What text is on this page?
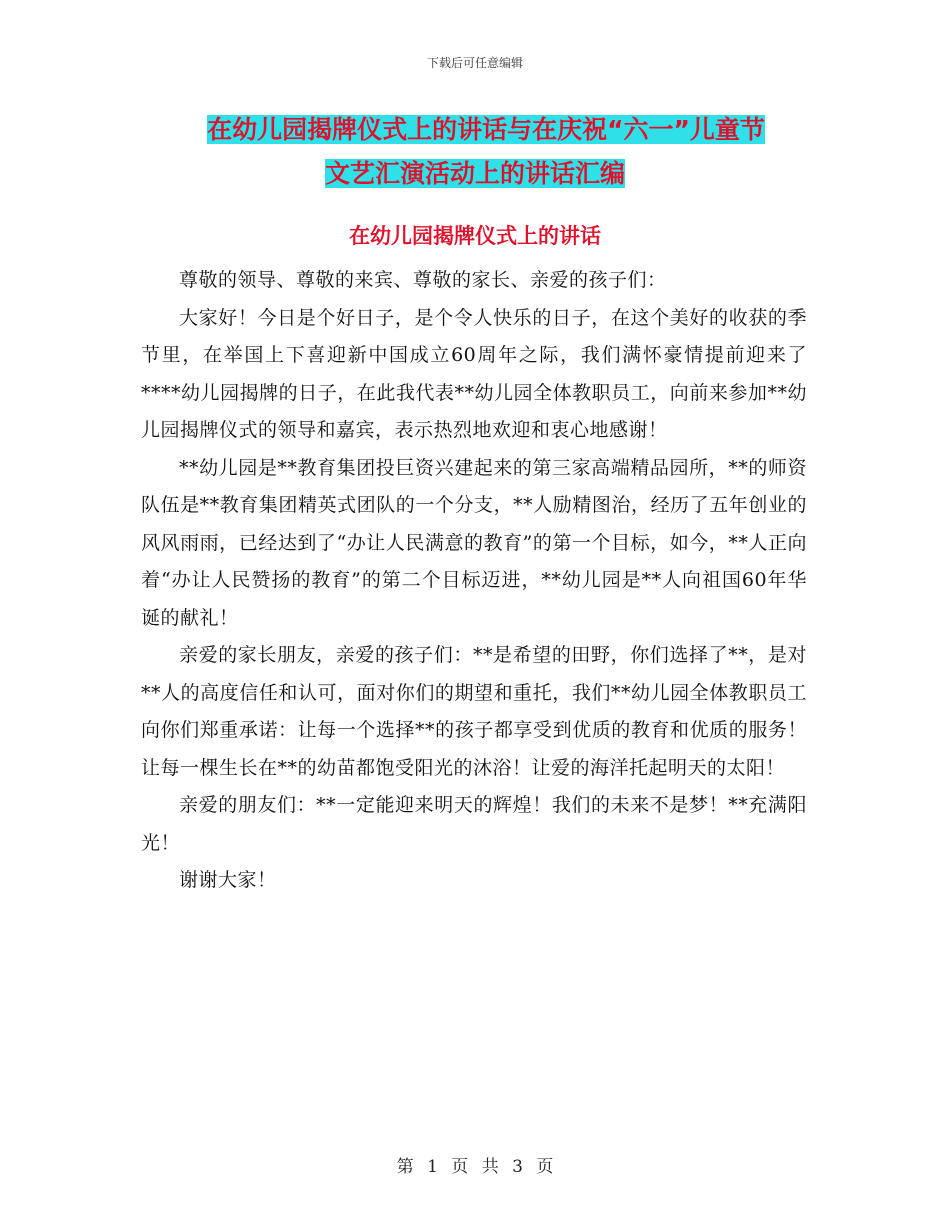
下载后可任意编辑
在幼儿园揭牌仪式上的讲话与在庆祝“六一”儿童节
文艺汇演活动上的讲话汇编
在幼儿园揭牌仪式上的讲话

尊敬的领导、尊敬的来宾、尊敬的家长、亲爱的孩子们：

大家好！今日是个好日子，是个令人快乐的日子，在这个美好的收获的季节里，在举国上下喜迎新中国成立60周年之际，我们满怀豪情提前迎来了****幼儿园揭牌的日子，在此我代表**幼儿园全体教职员工，向前来参加**幼儿园揭牌仪式的领导和嘉宾，表示热烈地欢迎和衷心地感谢！

**幼儿园是**教育集团投巨资兴建起来的第三家高端精品园所，**的师资队伍是**教育集团精英式团队的一个分支，**人励精图治，经历了五年创业的风风雨雨，已经达到了“办让人民满意的教育”的第一个目标，如今，**人正向着“办让人民赞扬的教育”的第二个目标迈进，**幼儿园是**人向祖国60年华诞的献礼！

亲爱的家长朋友，亲爱的孩子们：**是希望的田野，你们选择了**，是对**人的高度信任和认可，面对你们的期望和重托，我们**幼儿园全体教职员工向你们郑重承诺：让每一个选择**的孩子都享受到优质的教育和优质的服务！让每一棵生长在**的幼苗都饱受阳光的沐浴！让爱的海洋托起明天的太阳！

亲爱的朋友们：**一定能迎来明天的辉煌！我们的未来不是梦！**充满阳光！

谢谢大家！

第 1 页 共 3 页
